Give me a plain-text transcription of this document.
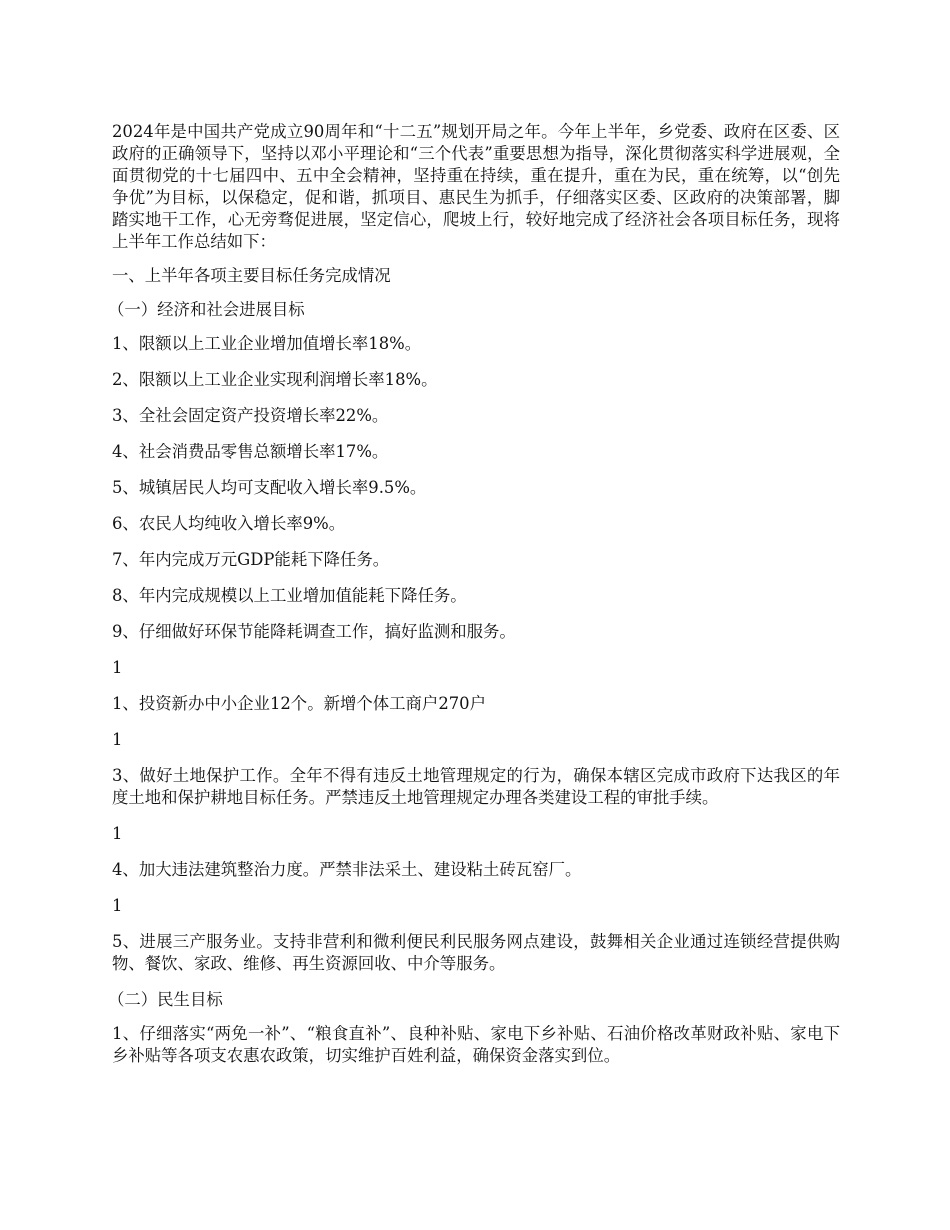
2024年是中国共产党成立90周年和“十二五”规划开局之年。今年上半年，乡党委、政府在区委、区政府的正确领导下，坚持以邓小平理论和“三个代表”重要思想为指导，深化贯彻落实科学进展观，全面贯彻党的十七届四中、五中全会精神，坚持重在持续，重在提升，重在为民，重在统筹，以“创先争优”为目标，以保稳定，促和谐，抓项目、惠民生为抓手，仔细落实区委、区政府的决策部署，脚踏实地干工作，心无旁骛促进展，坚定信心，爬坡上行，较好地完成了经济社会各项目标任务，现将上半年工作总结如下：

一、上半年各项主要目标任务完成情况

（一）经济和社会进展目标

1、限额以上工业企业增加值增长率18%。

2、限额以上工业企业实现利润增长率18%。

3、全社会固定资产投资增长率22%。

4、社会消费品零售总额增长率17%。

5、城镇居民人均可支配收入增长率9.5%。

6、农民人均纯收入增长率9%。

7、年内完成万元GDP能耗下降任务。

8、年内完成规模以上工业增加值能耗下降任务。

9、仔细做好环保节能降耗调查工作，搞好监测和服务。

1

1、投资新办中小企业12个。新增个体工商户270户

1

3、做好土地保护工作。全年不得有违反土地管理规定的行为，确保本辖区完成市政府下达我区的年度土地和保护耕地目标任务。严禁违反土地管理规定办理各类建设工程的审批手续。

1

4、加大违法建筑整治力度。严禁非法采土、建设粘土砖瓦窑厂。

1

5、进展三产服务业。支持非营利和微利便民利民服务网点建设，鼓舞相关企业通过连锁经营提供购物、餐饮、家政、维修、再生资源回收、中介等服务。

（二）民生目标

1、仔细落实“两免一补”、“粮食直补”、良种补贴、家电下乡补贴、石油价格改革财政补贴、家电下乡补贴等各项支农惠农政策，切实维护百姓利益，确保资金落实到位。
